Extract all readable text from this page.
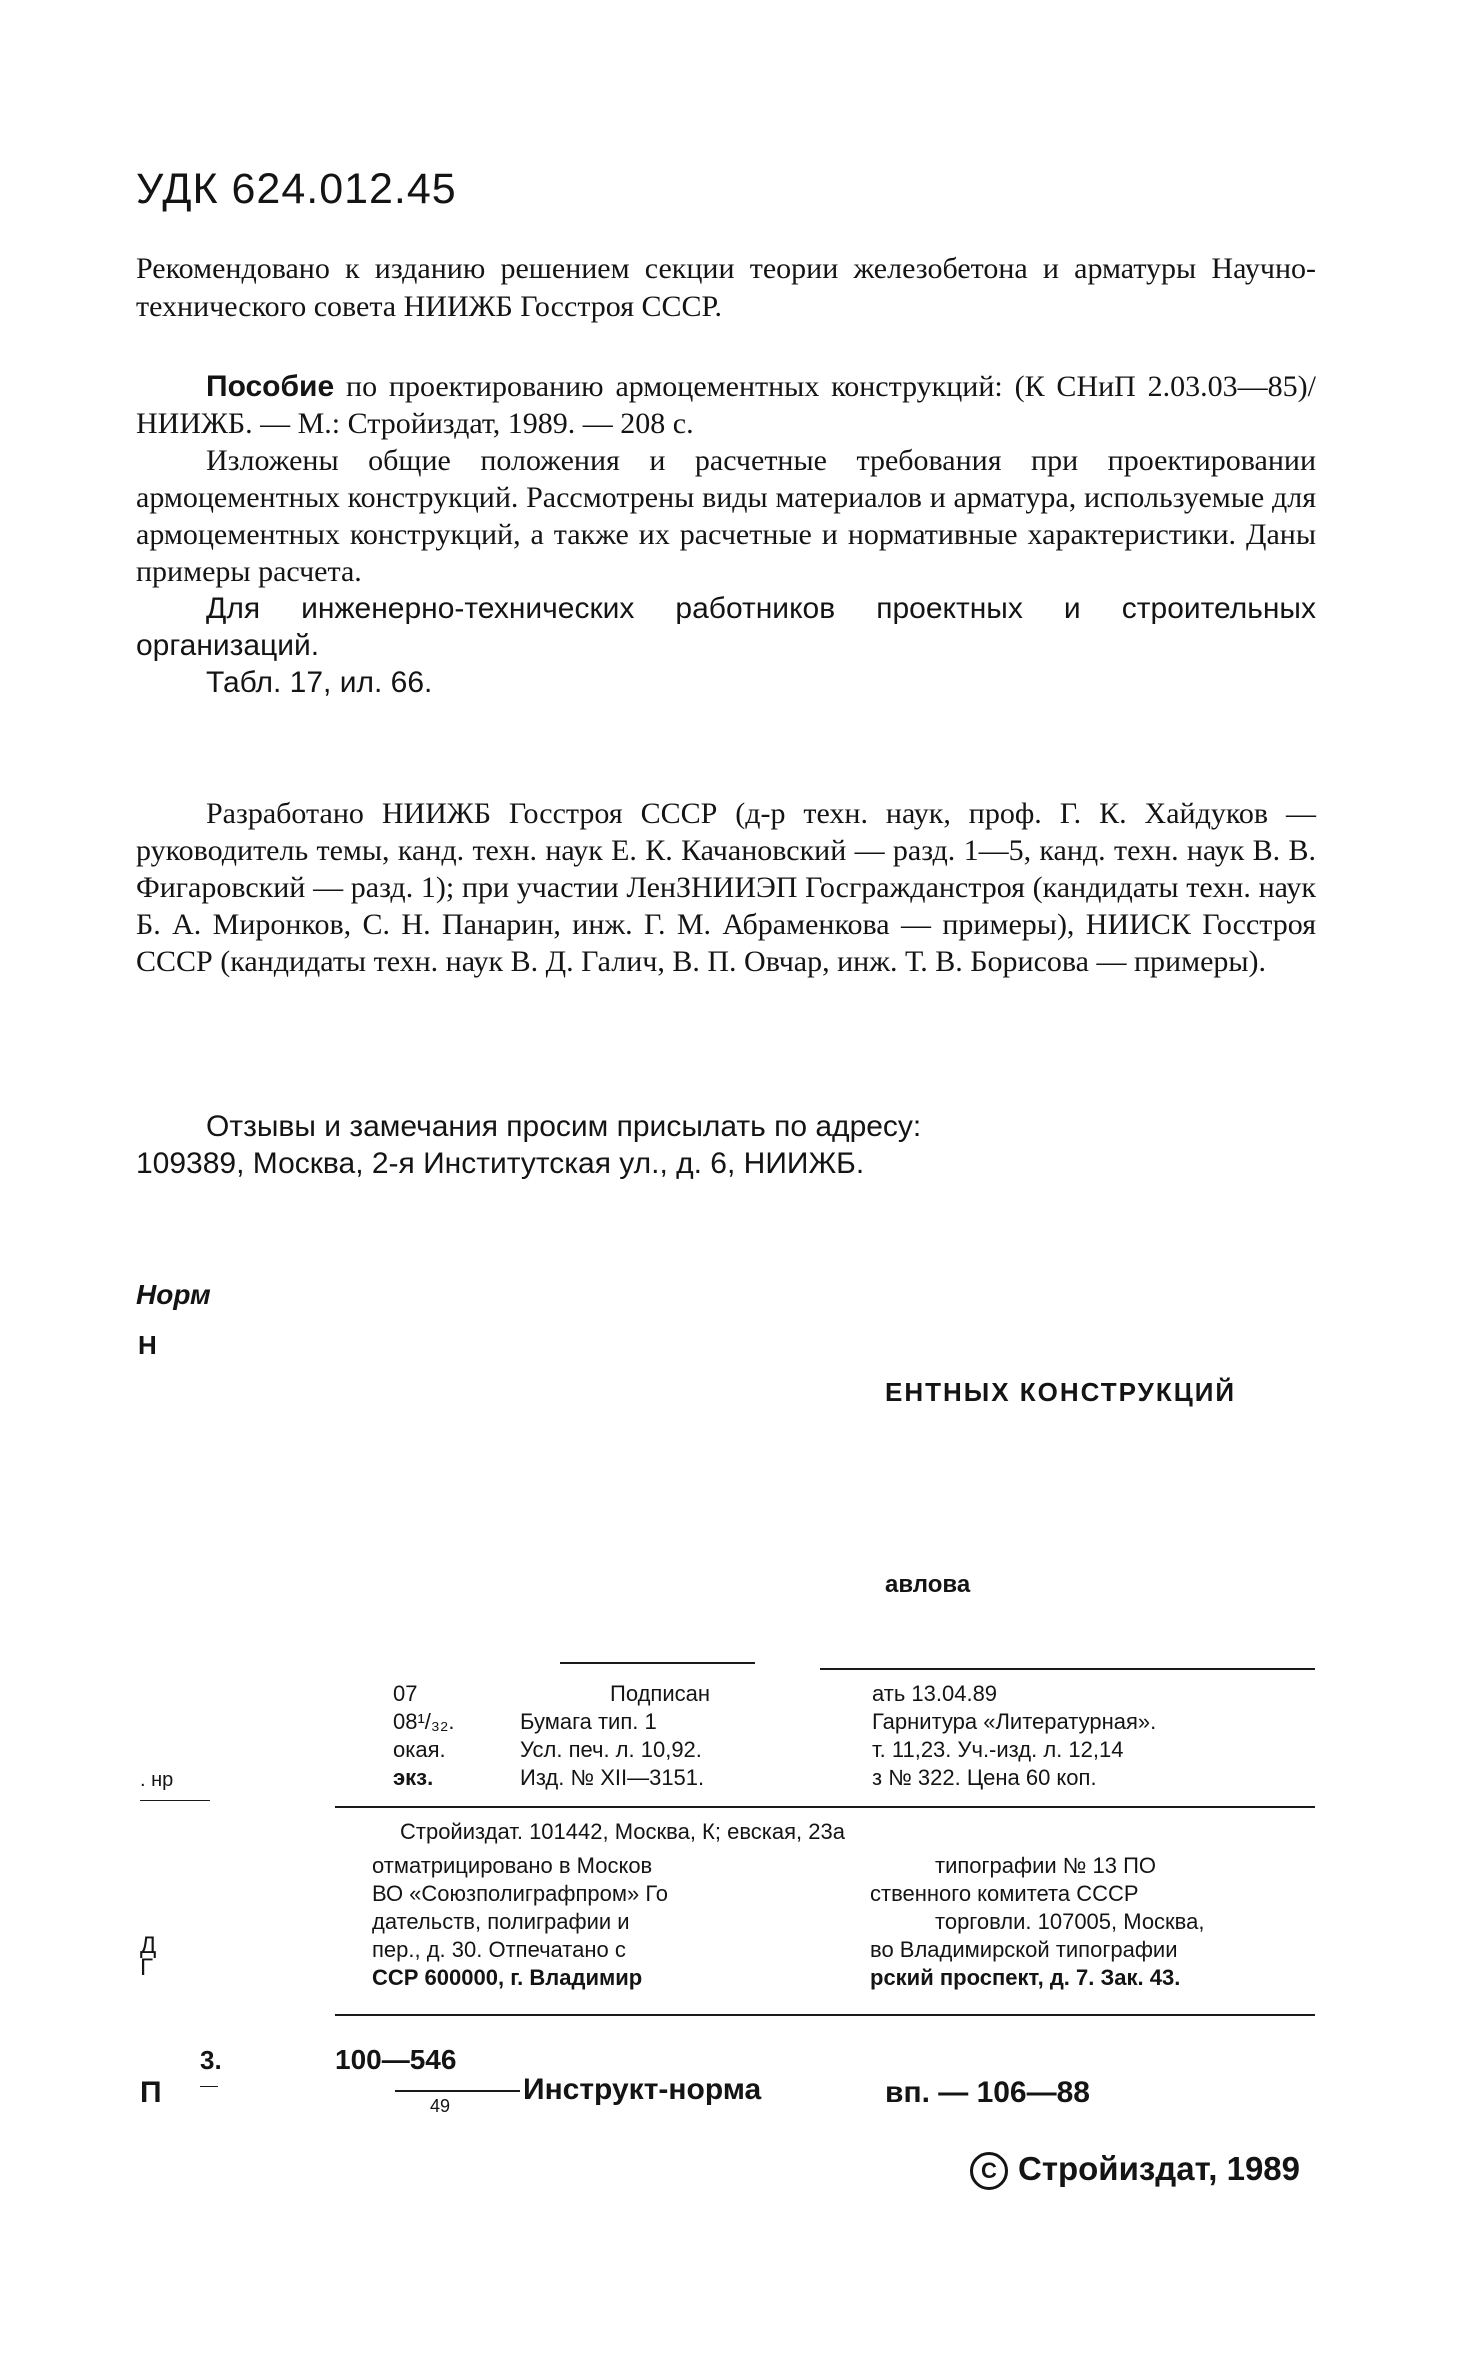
УДК 624.012.45
Рекомендовано к изданию решением секции теории железобетона и арматуры Научно-технического совета НИИЖБ Госстроя СССР.

Пособие по проектированию армоцементных конструкций: (К СНиП 2.03.03—85)/НИИЖБ. — М.: Стройиздат, 1989. — 208 с.

Изложены общие положения и расчетные требования при проектировании армоцементных конструкций. Рассмотрены виды материалов и арматура, используемые для армоцементных конструкций, а также их расчетные и нормативные характеристики. Даны примеры расчета.

Для инженерно-технических работников проектных и строительных организаций.

Табл. 17, ил. 66.

Разработано НИИЖБ Госстроя СССР (д-р техн. наук, проф. Г. К. Хайдуков — руководитель темы, канд. техн. наук Е. К. Качановский — разд. 1—5, канд. техн. наук В. В. Фигаровский — разд. 1); при участии ЛенЗНИИЭП Госгражданстроя (кандидаты техн. наук Б. А. Миронков, С. Н. Панарин, инж. Г. М. Абраменкова — примеры), НИИСК Госстроя СССР (кандидаты техн. наук В. Д. Галич, В. П. Овчар, инж. Т. В. Борисова — примеры).

Отзывы и замечания просим присылать по адресу:

109389, Москва, 2-я Институтская ул., д. 6, НИИЖБ.

Норм
Н
ЕНТНЫХ КОНСТРУКЦИЙ
авлова
07
08¹/₃₂.
окая.
экз.
Подписан
Бумага тип. 1
Усл. печ. л. 10,92.
Изд. № XII—3151.
ать 13.04.89
Гарнитура «Литературная».
т. 11,23. Уч.-изд. л. 12,14
з № 322. Цена 60 коп.
. нр
Стройиздат. 101442, Москва, К; евская, 23а
отматрицировано в Москов
ВО «Союзполиграфпром» Го
дательств, полиграфии и
пер., д. 30. Отпечатано с
ССР 600000, г. Владимир
типографии № 13 ПО
ственного комитета СССР
торговли. 107005, Москва,
во Владимирской типографии
рский проспект, д. 7. Зак. 43.
Д
Г
П
3.	100—546
49 Инструкт-норма	вп. — 106—88
C Стройиздат, 1989
